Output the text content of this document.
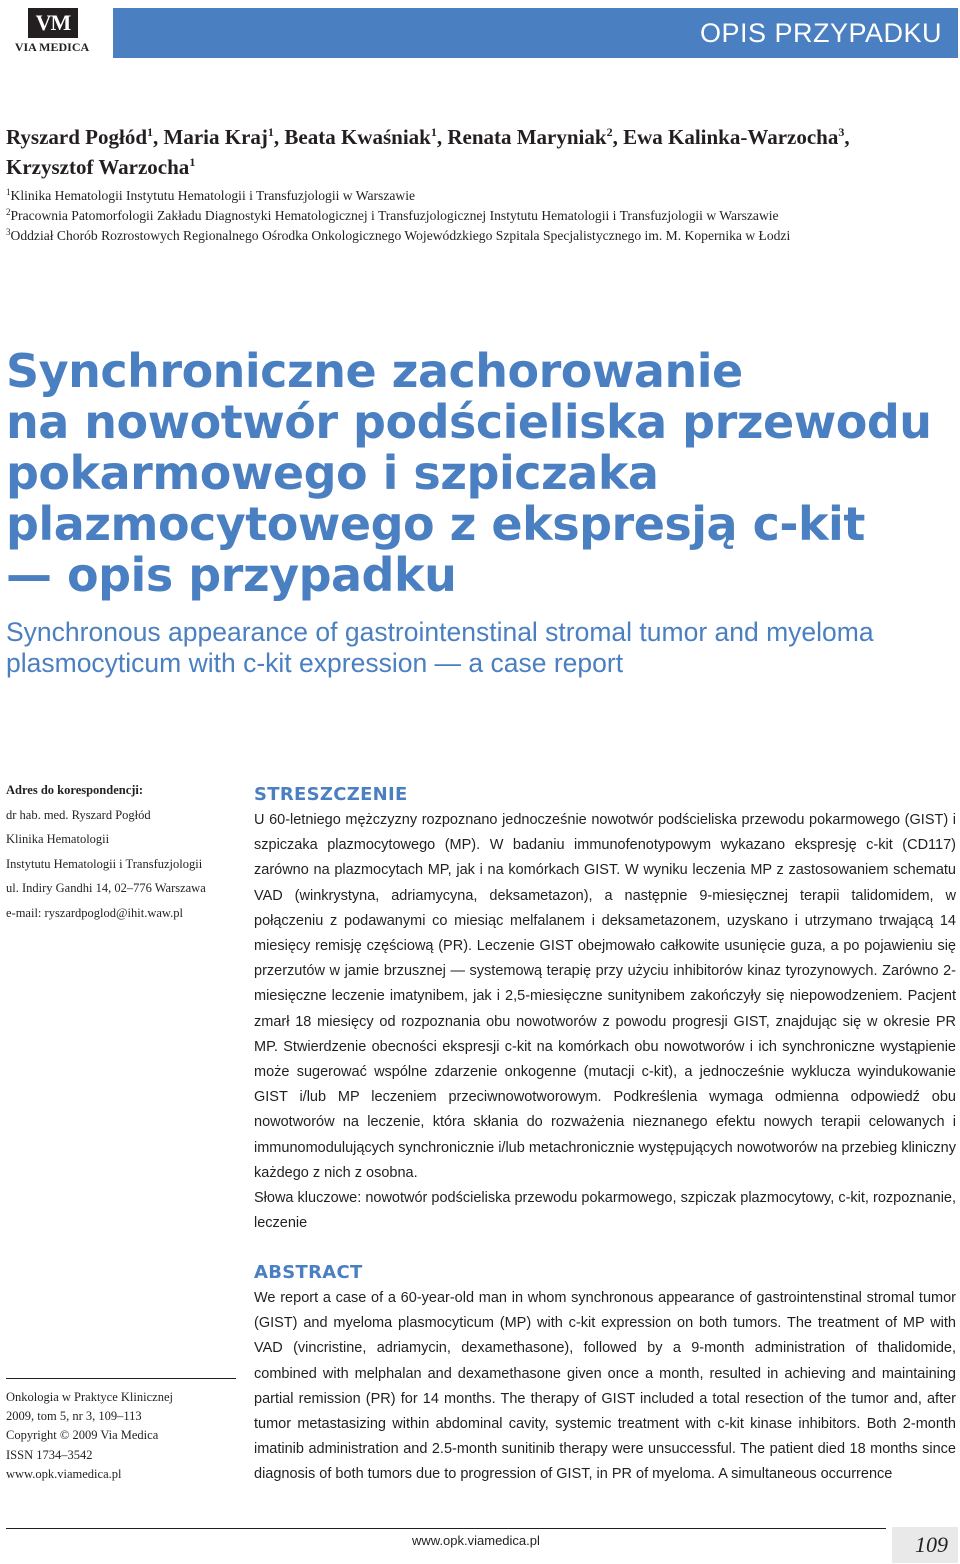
VM
VIA MEDICA	OPIS PRZYPADKU
Ryszard Pogłód$^1$, Maria Kraj$^1$, Beata Kwaśniak$^1$, Renata Maryniak$^2$, Ewa Kalinka-Warzocha$^3$,
Krzysztof Warzocha$^1$
$^1$Klinika Hematologii Instytutu Hematologii i Transfuzjologii w Warszawie
$^2$Pracownia Patomorfologii Zakładu Diagnostyki Hematologicznej i Transfuzjologicznej Instytutu Hematologii i Transfuzjologii w Warszawie
$^3$Oddział Chorób Rozrostowych Regionalnego Ośrodka Onkologicznego Wojewódzkiego Szpitala Specjalistycznego im. M. Kopernika w Łodzi
Synchroniczne zachorowanie
na nowotwór podścieliska przewodu
pokarmowego i szpiczaka
plazmocytowego z ekspresją c-kit
— opis przypadku
Synchronous appearance of gastrointenstinal stromal tumor and myeloma
plasmocyticum with c-kit expression — a case report
Adres do korespondencji:
dr hab. med. Ryszard Pogłód
Klinika Hematologii
Instytutu Hematologii i Transfuzjologii
ul. Indiry Gandhi 14, 02–776 Warszawa
e-mail: ryszardpoglod@ihit.waw.pl
STRESZCZENIE
U 60-letniego mężczyzny rozpoznano jednocześnie nowotwór podścieliska przewodu pokarmowego (GIST) i szpiczaka plazmocytowego (MP). W badaniu immunofenotypowym wykazano ekspresję c-kit (CD117) zarówno na plazmocytach MP, jak i na komórkach GIST. W wyniku leczenia MP z zastosowaniem schematu VAD (winkrystyna, adriamycyna, deksametazon), a następnie 9-miesięcznej terapii talidomidem, w połączeniu z podawanymi co miesiąc melfalanem i deksametazonem, uzyskano i utrzymano trwającą 14 miesięcy remisję częściową (PR). Leczenie GIST obejmowało całkowite usunięcie guza, a po pojawieniu się przerzutów w jamie brzusznej — systemową terapię przy użyciu inhibitorów kinaz tyrozynowych. Zarówno 2-miesięczne leczenie imatynibem, jak i 2,5-miesięczne sunitynibem zakończyły się niepowodzeniem. Pacjent zmarł 18 miesięcy od rozpoznania obu nowotworów z powodu progresji GIST, znajdując się w okresie PR MP. Stwierdzenie obecności ekspresji c-kit na komórkach obu nowotworów i ich synchroniczne wystąpienie może sugerować wspólne zdarzenie onkogenne (mutacji c-kit), a jednocześnie wyklucza wyindukowanie GIST i/lub MP leczeniem przeciwnowotworowym. Podkreślenia wymaga odmienna odpowiedź obu nowotworów na leczenie, która skłania do rozważenia nieznanego efektu nowych terapii celowanych i immunomodulujących synchronicznie i/lub metachronicznie występujących nowotworów na przebieg kliniczny każdego z nich z osobna.
Słowa kluczowe: nowotwór podścieliska przewodu pokarmowego, szpiczak plazmocytowy, c-kit, rozpoznanie, leczenie
ABSTRACT
We report a case of a 60-year-old man in whom synchronous appearance of gastrointenstinal stromal tumor (GIST) and myeloma plasmocyticum (MP) with c-kit expression on both tumors. The treatment of MP with VAD (vincristine, adriamycin, dexamethasone), followed by a 9-month administration of thalidomide, combined with melphalan and dexamethasone given once a month, resulted in achieving and maintaining partial remission (PR) for 14 months. The therapy of GIST included a total resection of the tumor and, after tumor metastasizing within abdominal cavity, systemic treatment with c-kit kinase inhibitors. Both 2-month imatinib administration and 2.5-month sunitinib therapy were unsuccessful. The patient died 18 months since diagnosis of both tumors due to progression of GIST, in PR of myeloma. A simultaneous occurrence
Onkologia w Praktyce Klinicznej
2009, tom 5, nr 3, 109–113
Copyright © 2009 Via Medica
ISSN 1734–3542
www.opk.viamedica.pl
www.opk.viamedica.pl	109
